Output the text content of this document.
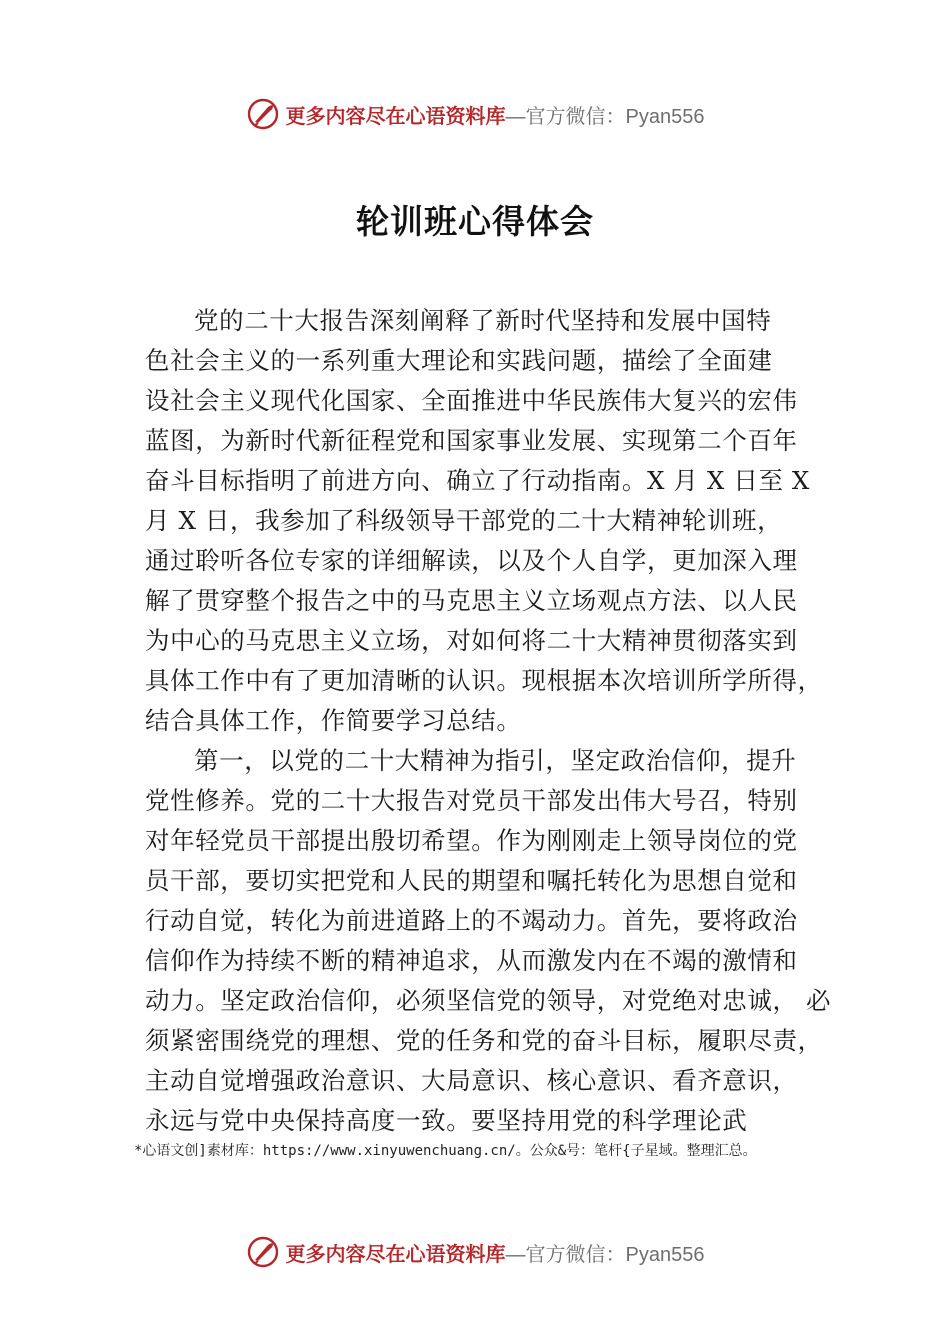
更多内容尽在心语资料库—官方微信：Pyan556
轮训班心得体会
党的二十大报告深刻阐释了新时代坚持和发展中国特
色社会主义的一系列重大理论和实践问题，描绘了全面建
设社会主义现代化国家、全面推进中华民族伟大复兴的宏伟
蓝图，为新时代新征程党和国家事业发展、实现第二个百年
奋斗目标指明了前进方向、确立了行动指南。X 月 X 日至 X
月 X 日，我参加了科级领导干部党的二十大精神轮训班，
通过聆听各位专家的详细解读，以及个人自学，更加深入理
解了贯穿整个报告之中的马克思主义立场观点方法、以人民
为中心的马克思主义立场，对如何将二十大精神贯彻落实到
具体工作中有了更加清晰的认识。现根据本次培训所学所得，
结合具体工作，作简要学习总结。
第一，以党的二十大精神为指引，坚定政治信仰，提升
党性修养。党的二十大报告对党员干部发出伟大号召，特别
对年轻党员干部提出殷切希望。作为刚刚走上领导岗位的党
员干部，要切实把党和人民的期望和嘱托转化为思想自觉和
行动自觉，转化为前进道路上的不竭动力。首先，要将政治
信仰作为持续不断的精神追求，从而激发内在不竭的激情和
动力。坚定政治信仰，必须坚信党的领导，对党绝对忠诚， 必
须紧密围绕党的理想、党的任务和党的奋斗目标，履职尽责，
主动自觉增强政治意识、大局意识、核心意识、看齐意识，
永远与党中央保持高度一致。要坚持用党的科学理论武
*心语文创]素材库：https://www.xinyuwenchuang.cn/。公众&号：笔杆{子星域。整理汇总。
更多内容尽在心语资料库—官方微信：Pyan556
